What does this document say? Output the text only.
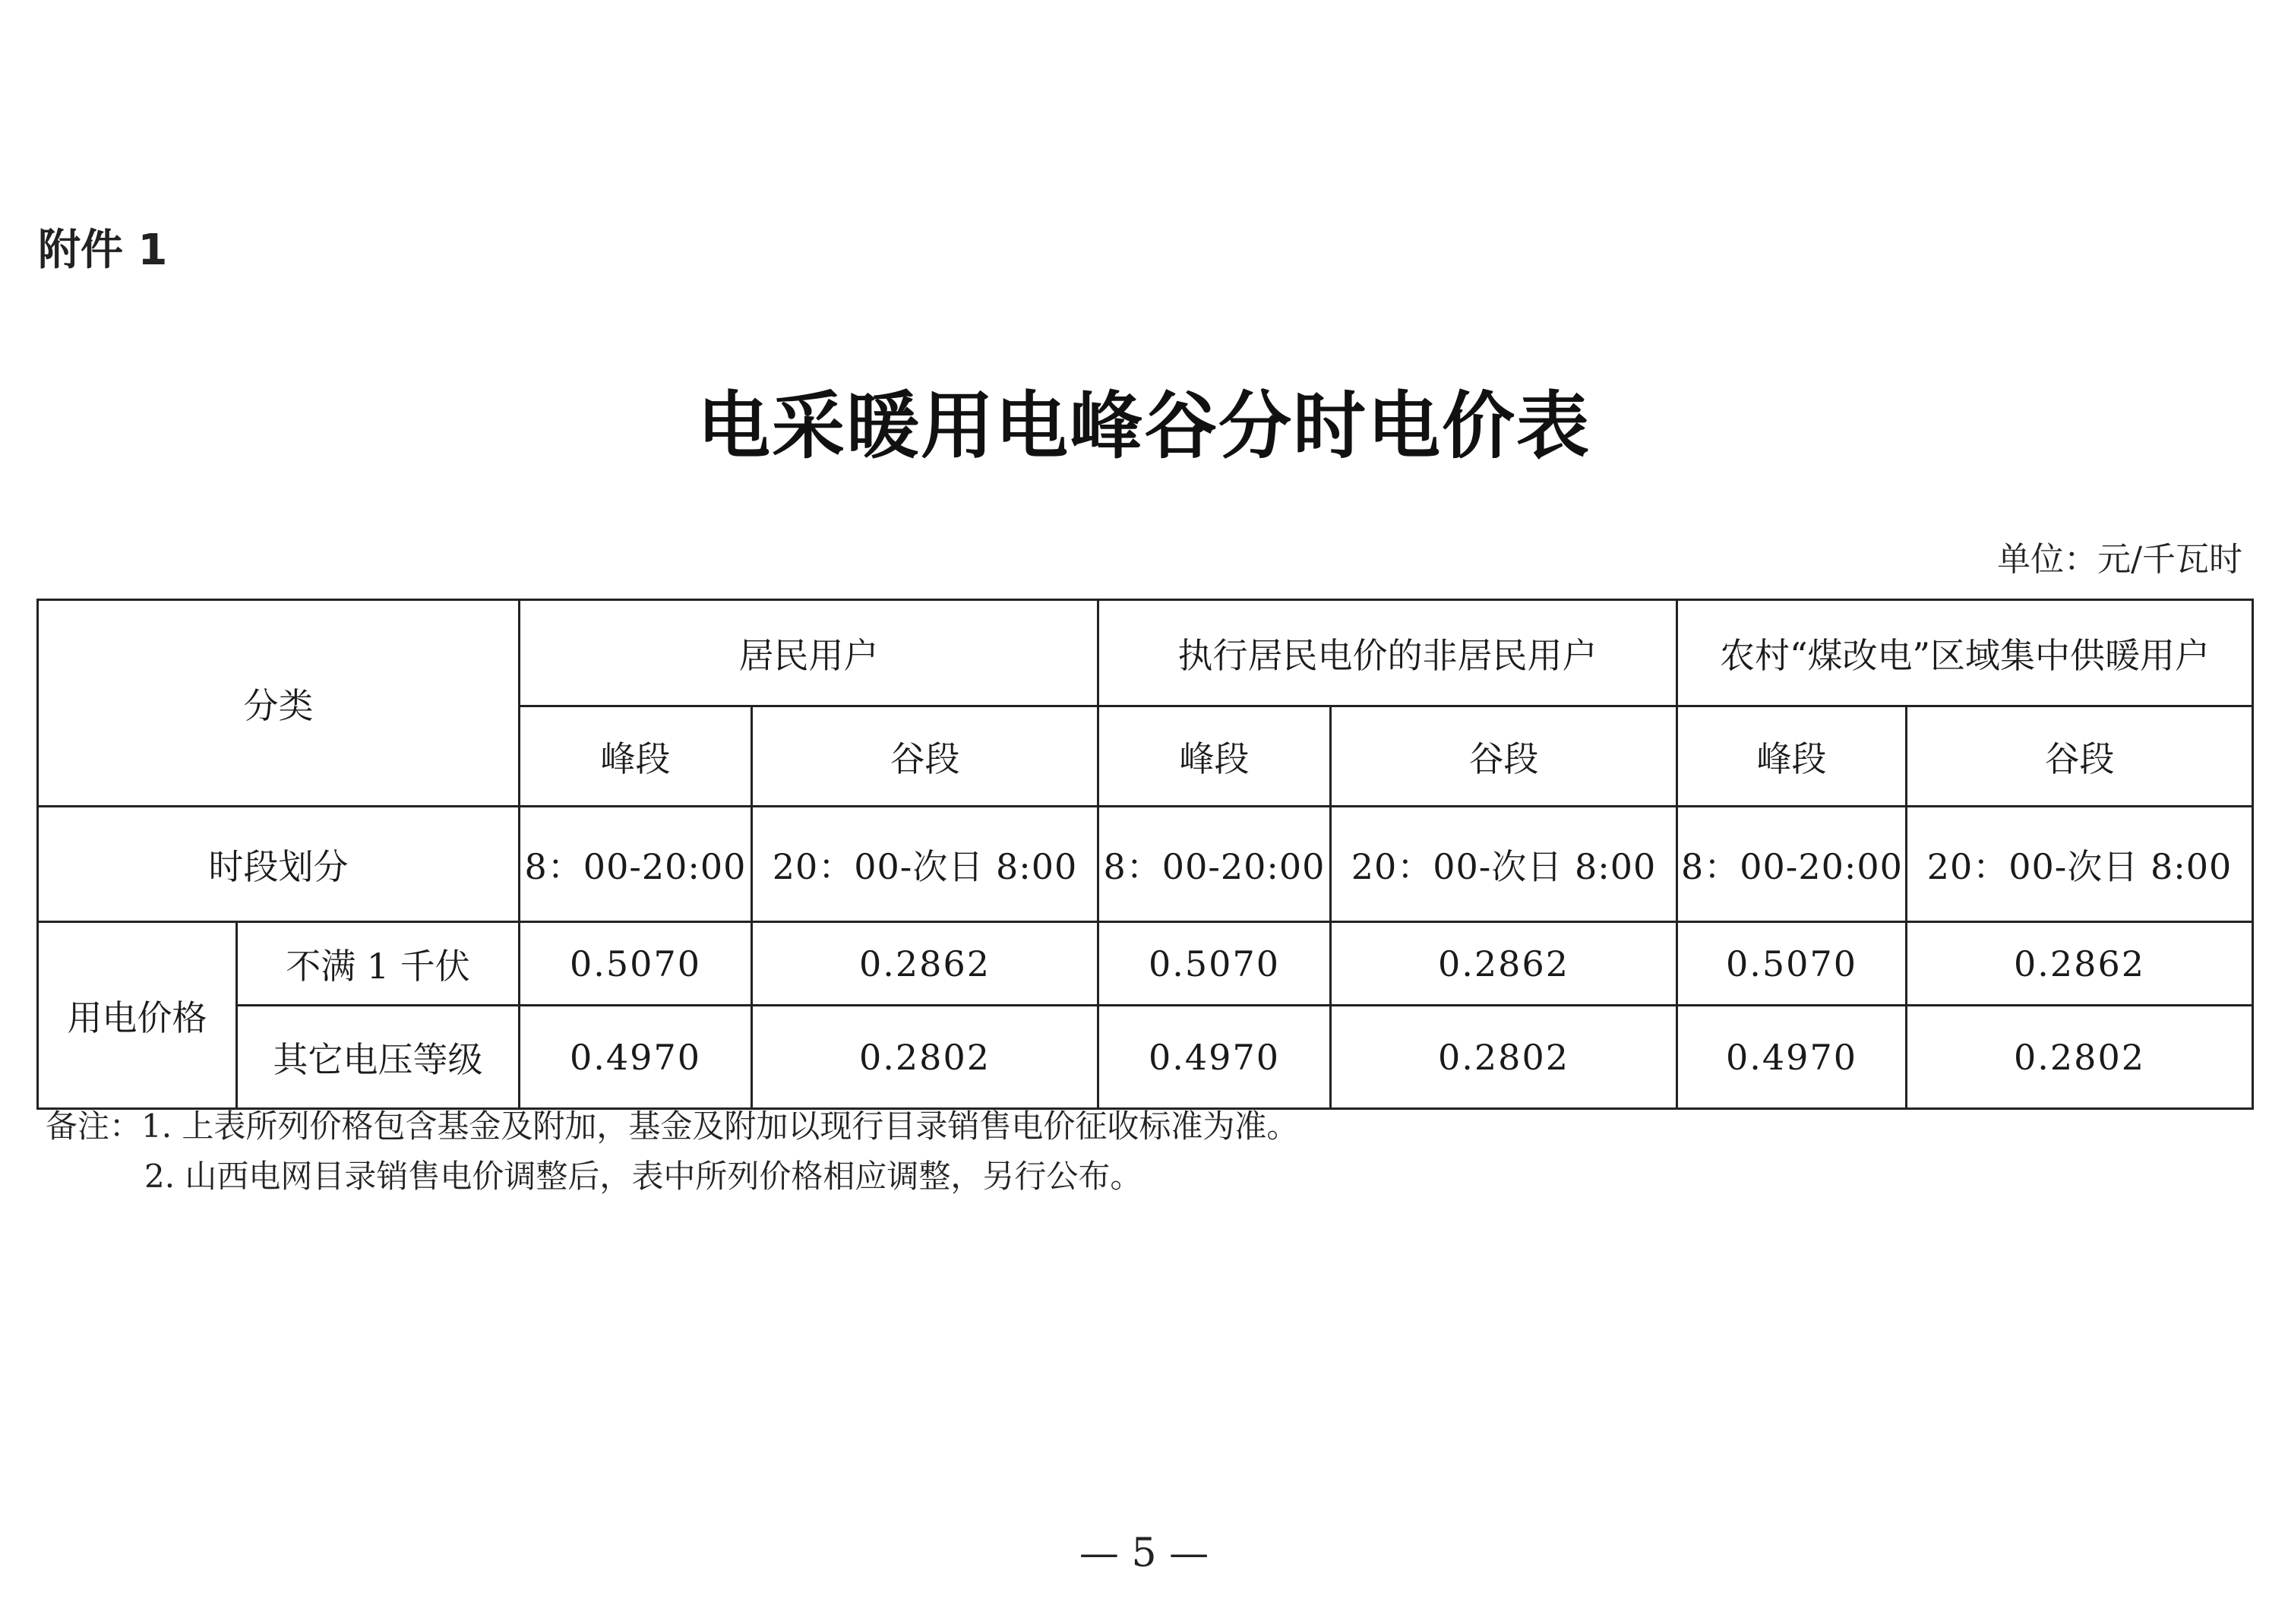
附件 1
电采暖用电峰谷分时电价表
单位：元/千瓦时
分类		居民用户		执行居民电价的非居民用户		农村“煤改电”区域集中供暖用户	
		峰段	谷段	峰段	谷段	峰段	谷段
时段划分		8：00-20:00	20：00-次日 8:00	8：00-20:00	20：00-次日 8:00	8：00-20:00	20：00-次日 8:00
用电价格	不满 1 千伏	0.5070	0.2862	0.5070	0.2862	0.5070	0.2862
	其它电压等级	0.4970	0.2802	0.4970	0.2802	0.4970	0.2802
备注：1. 上表所列价格包含基金及附加，基金及附加以现行目录销售电价征收标准为准。
2. 山西电网目录销售电价调整后，表中所列价格相应调整，另行公布。
— 5 —
